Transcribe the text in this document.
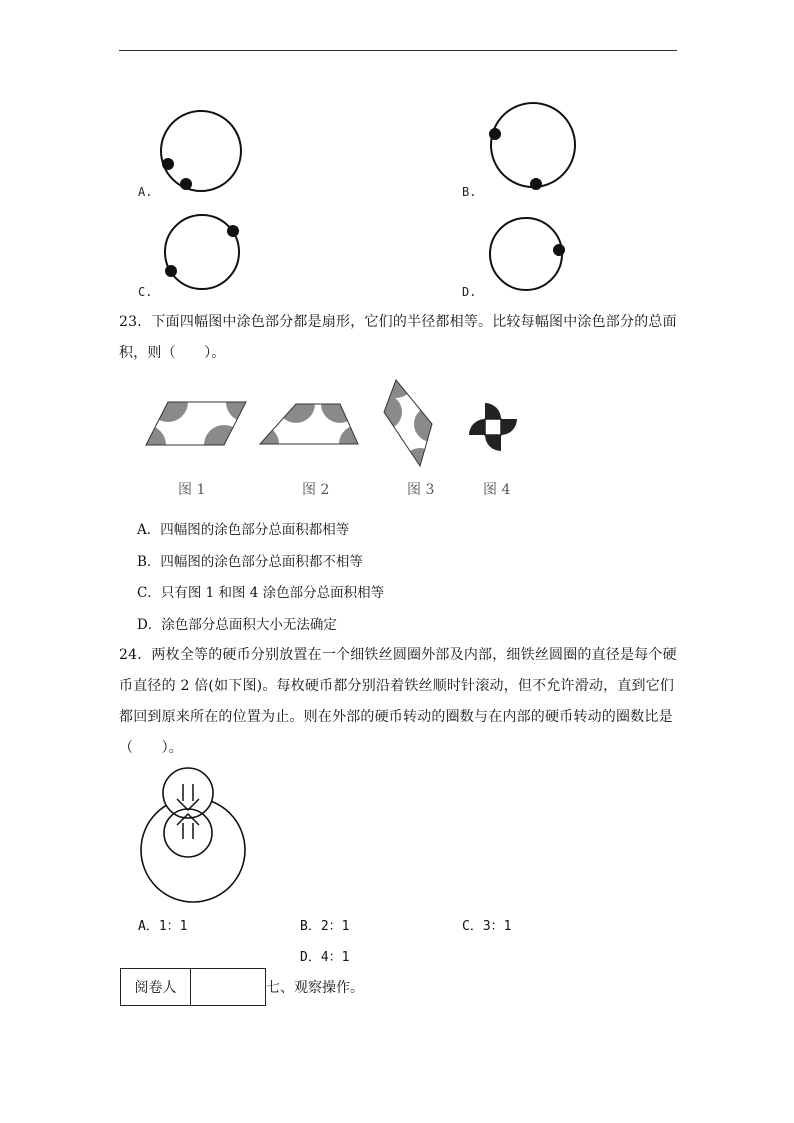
A.	B.
C.	D.
23．下面四幅图中涂色部分都是扇形，它们的半径都相等。比较每幅图中涂色部分的总面
积，则（　　）。
图 1	图 2	图 3	图 4
A．四幅图的涂色部分总面积都相等
B．四幅图的涂色部分总面积都不相等
C．只有图 1 和图 4 涂色部分总面积相等
D．涂色部分总面积大小无法确定
24．两枚全等的硬币分别放置在一个细铁丝圆圈外部及内部，细铁丝圆圈的直径是每个硬
币直径的 2 倍(如下图)。每枚硬币都分别沿着铁丝顺时针滚动，但不允许滑动，直到它们
都回到原来所在的位置为止。则在外部的硬币转动的圈数与在内部的硬币转动的圈数比是
（　　）。
A．1：1	B．2：1	C．3：1
D．4：1
阅卷人		七、观察操作。
